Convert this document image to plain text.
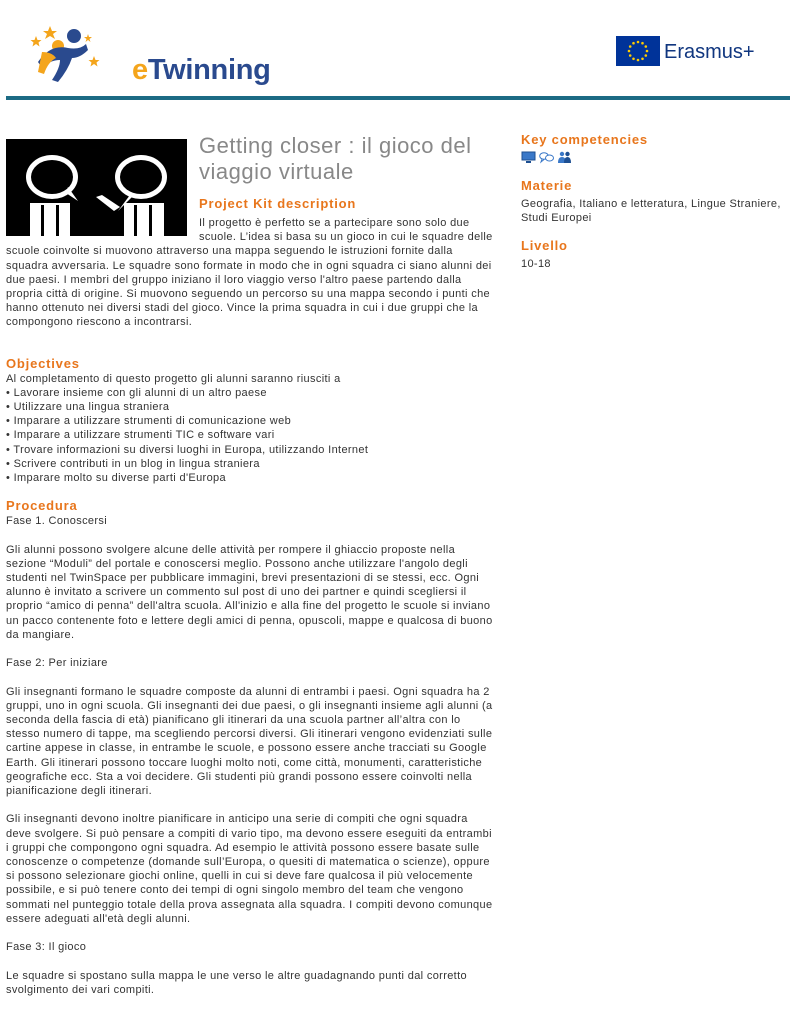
eTwinning
Erasmus+
Getting closer : il gioco del viaggio virtuale
Project Kit description

Il progetto è perfetto se a partecipare sono solo due scuole. L’idea si basa su un gioco in cui le squadre delle scuole coinvolte si muovono attraverso una mappa seguendo le istruzioni fornite dalla squadra avversaria. Le squadre sono formate in modo che in ogni squadra ci siano alunni dei due paesi. I membri del gruppo iniziano il loro viaggio verso l'altro paese partendo dalla propria città di origine. Si muovono seguendo un percorso su una mappa secondo i punti che hanno ottenuto nei diversi stadi del gioco. Vince la prima squadra in cui i due gruppi che la compongono riescono a incontrarsi.

Objectives

Al completamento di questo progetto gli alunni saranno riusciti a

• Lavorare insieme con gli alunni di un altro paese

• Utilizzare una lingua straniera

• Imparare a utilizzare strumenti di comunicazione web

• Imparare a utilizzare strumenti TIC e software vari

• Trovare informazioni su diversi luoghi in Europa, utilizzando Internet

• Scrivere contributi in un blog in lingua straniera

• Imparare molto su diverse parti d'Europa

Procedura

Fase 1. Conoscersi

Gli alunni possono svolgere alcune delle attività per rompere il ghiaccio proposte nella sezione “Moduli” del portale e conoscersi meglio. Possono anche utilizzare l'angolo degli studenti nel TwinSpace per pubblicare immagini, brevi presentazioni di se stessi, ecc. Ogni alunno è invitato a scrivere un commento sul post di uno dei partner e quindi scegliersi il proprio “amico di penna” dell'altra scuola. All'inizio e alla fine del progetto le scuole si inviano un pacco contenente foto e lettere degli amici di penna, opuscoli, mappe e qualcosa di buono da mangiare.

Fase 2: Per iniziare

Gli insegnanti formano le squadre composte da alunni di entrambi i paesi. Ogni squadra ha 2 gruppi, uno in ogni scuola. Gli insegnanti dei due paesi, o gli insegnanti insieme agli alunni (a seconda della fascia di età) pianificano gli itinerari da una scuola partner all’altra con lo stesso numero di tappe, ma scegliendo percorsi diversi. Gli itinerari vengono evidenziati sulle cartine appese in classe, in entrambe le scuole, e possono essere anche tracciati su Google Earth. Gli itinerari possono toccare luoghi molto noti, come città, monumenti, caratteristiche geografiche ecc. Sta a voi decidere. Gli studenti più grandi possono essere coinvolti nella pianificazione degli itinerari.

Gli insegnanti devono inoltre pianificare in anticipo una serie di compiti che ogni squadra deve svolgere. Si può pensare a compiti di vario tipo, ma devono essere eseguiti da entrambi i gruppi che compongono ogni squadra. Ad esempio le attività possono essere basate sulle conoscenze o competenze (domande sull’Europa, o quesiti di matematica o scienze), oppure si possono selezionare giochi online, quelli in cui si deve fare qualcosa il più velocemente possibile, e si può tenere conto dei tempi di ogni singolo membro del team che vengono sommati nel punteggio totale della prova assegnata alla squadra. I compiti devono comunque essere adeguati all'età degli alunni.

Fase 3: Il gioco

Le squadre si spostano sulla mappa le une verso le altre guadagnando punti dal corretto svolgimento dei vari compiti.

Key competencies
Materie

Geografia, Italiano e letteratura, Lingue Straniere, Studi Europei

Livello

10-18
